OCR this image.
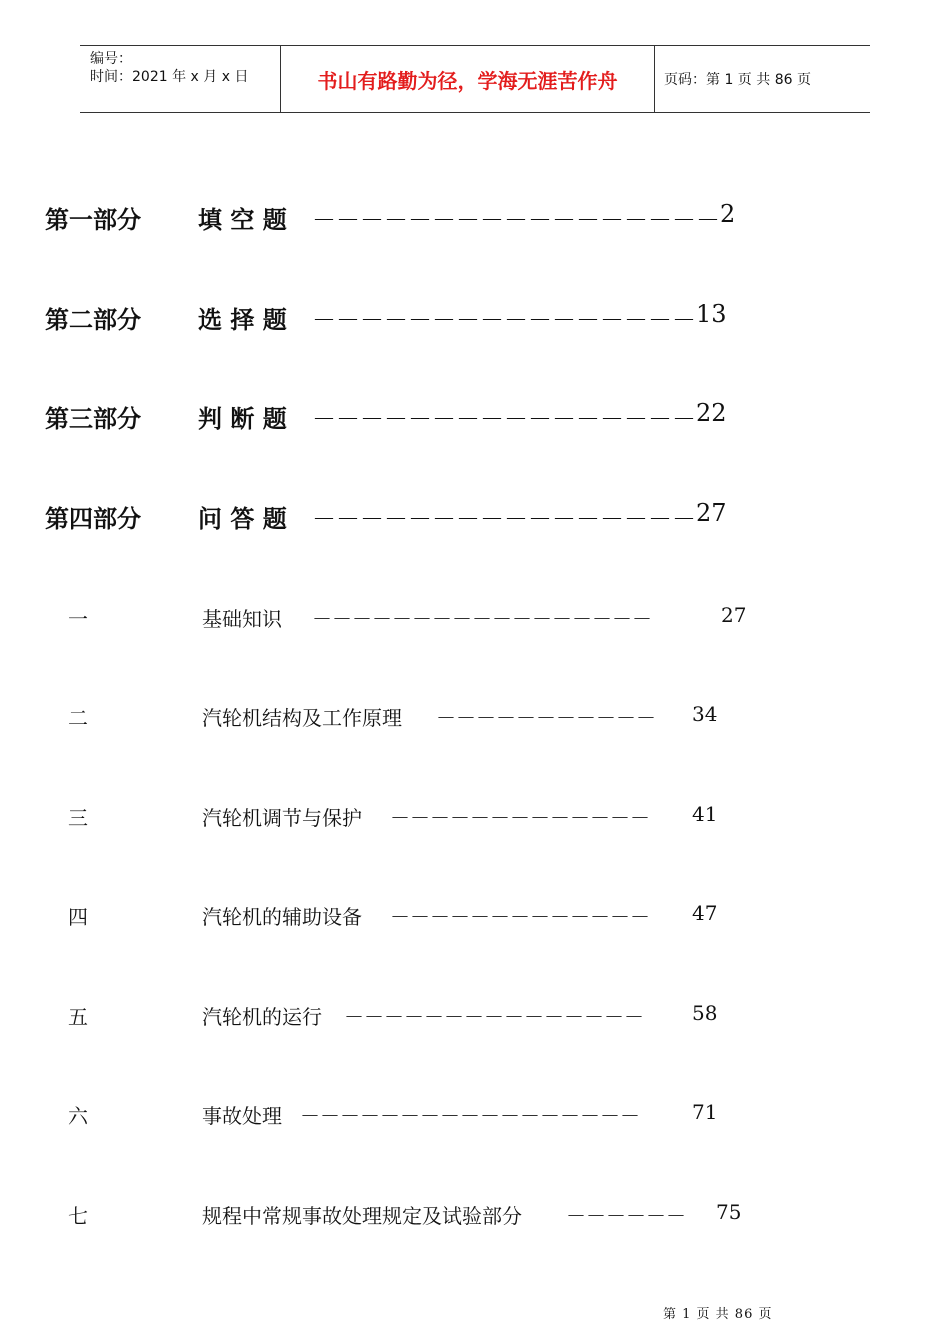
编号：
时间：2021 年 x 月 x 日	书山有路勤为径，学海无涯苦作舟	页码：第 1 页 共 86 页
第一部分 填 空 题 －－－－－－－－－－－－－－－－－ 2
第二部分 选 择 题 －－－－－－－－－－－－－－－－ 13
第三部分 判 断 题 －－－－－－－－－－－－－－－－ 22
第四部分 问 答 题 －－－－－－－－－－－－－－－－ 27
一	基础知识 －－－－－－－－－－－－－－－－－	27
二	汽轮机结构及工作原理 －－－－－－－－－－－ 34
三	汽轮机调节与保护 －－－－－－－－－－－－－ 41
四	汽轮机的辅助设备 －－－－－－－－－－－－－ 47
五	汽轮机的运行 －－－－－－－－－－－－－－－ 58
六	事故处理 －－－－－－－－－－－－－－－－－	71
七	规程中常规事故处理规定及试验部分 －－－－－－ 75
第 1 页 共 86 页
